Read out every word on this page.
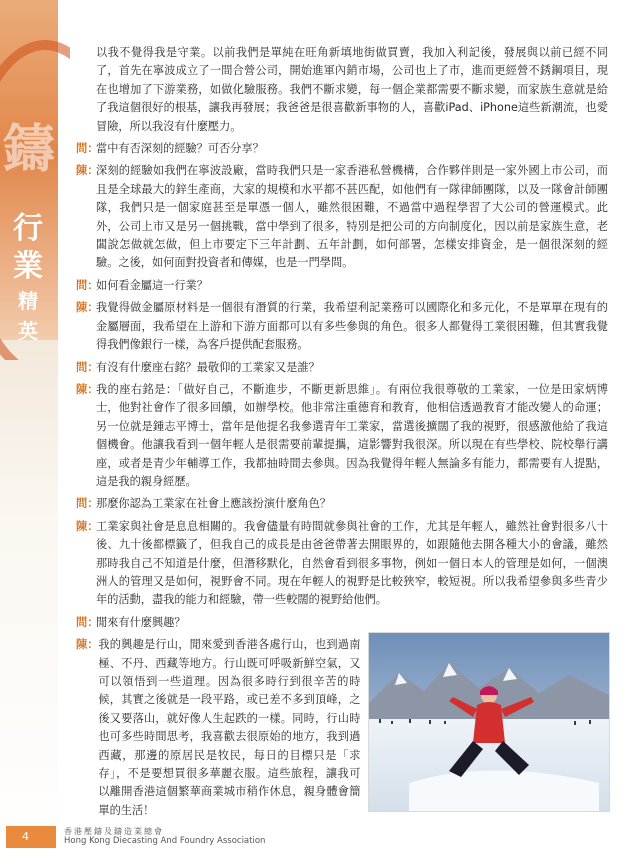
鑄
行
業
精
英
以我不覺得我是守業。以前我們是單純在旺角新填地街做買賣，我加入利記後，發展與以前已經不同了，首先在寧波成立了一間合營公司，開始進軍內銷市場，公司也上了市，進而更經營不銹鋼項目，現在也增加了下游業務，如做化驗服務。我們不斷求變，每一個企業都需要不斷求變，而家族生意就是給了我這個很好的根基，讓我再發展；我爸爸是很喜歡新事物的人，喜歡iPad、iPhone這些新潮流，也愛冒險，所以我沒有什麼壓力。
問：
當中有否深刻的經驗？可否分享？
陳：
深刻的經驗如我們在寧波設廠，當時我們只是一家香港私營機構，合作夥伴則是一家外國上市公司，而且是全球最大的鋅生產商，大家的規模和水平都不甚匹配，如他們有一隊律師團隊，以及一隊會計師團隊，我們只是一個家庭甚至是單憑一個人，雖然很困難，不過當中過程學習了大公司的營運模式。此外，公司上市又是另一個挑戰，當中學到了很多，特別是把公司的方向制度化，因以前是家族生意，老闆說怎做就怎做，但上市要定下三年計劃、五年計劃，如何部署，怎樣安排資金，是一個很深刻的經驗。之後，如何面對投資者和傳媒，也是一門學問。
問：
如何看金屬這一行業？
陳：
我覺得做金屬原材料是一個很有潛質的行業，我希望利記業務可以國際化和多元化，不是單單在現有的金屬層面，我希望在上游和下游方面都可以有多些參與的角色。很多人都覺得工業很困難，但其實我覺得我們像銀行一樣，為客戶提供配套服務。
問：
有沒有什麼座右銘？最敬仰的工業家又是誰？
陳：
我的座右銘是：「做好自己，不斷進步，不斷更新思維」。有兩位我很尊敬的工業家，一位是田家炳博士，他對社會作了很多回饋，如辦學校。他非常注重德育和教育，他相信透過教育才能改變人的命運；另一位就是鍾志平博士，當年是他提名我參選青年工業家，當選後擴闊了我的視野，很感激他給了我這個機會。他讓我看到一個年輕人是很需要前輩提攜，這影響對我很深。所以現在有些學校、院校舉行講座，或者是青少年輔導工作，我都抽時間去參與。因為我覺得年輕人無論多有能力，都需要有人提點，這是我的親身經歷。
問：
那麼你認為工業家在社會上應該扮演什麼角色？
陳：
工業家與社會是息息相關的。我會儘量有時間就參與社會的工作，尤其是年輕人，雖然社會對很多八十後、九十後都標籤了，但我自己的成長是由爸爸帶著去開眼界的，如跟隨他去開各種大小的會議，雖然那時我自己不知道是什麼，但潛移默化，自然會看到很多事物，例如一個日本人的管理是如何，一個澳洲人的管理又是如何，視野會不同。現在年輕人的視野是比較狹窄，較短視。所以我希望參與多些青少年的活動，盡我的能力和經驗，帶一些較闊的視野給他們。
問：
閒來有什麼興趣？
陳： 我的興趣是行山，閒來愛到香港各處行山，也到過南極、不丹、西藏等地方。行山既可呼吸新鮮空氣，又可以領悟到一些道理。因為很多時行到很辛苦的時候，其實之後就是一段平路，或已差不多到頂峰，之後又要落山，就好像人生起跌的一樣。同時，行山時也可多些時間思考，我喜歡去很原始的地方，我到過西藏，那邊的原居民是牧民，每日的目標只是「求存」，不是要想買很多華麗衣服。這些旅程，讓我可以離開香港這個繁華商業城市稍作休息，親身體會簡單的生活！
4	香港壓鑄及鑄造業總會
Hong Kong Diecasting And Foundry Association
